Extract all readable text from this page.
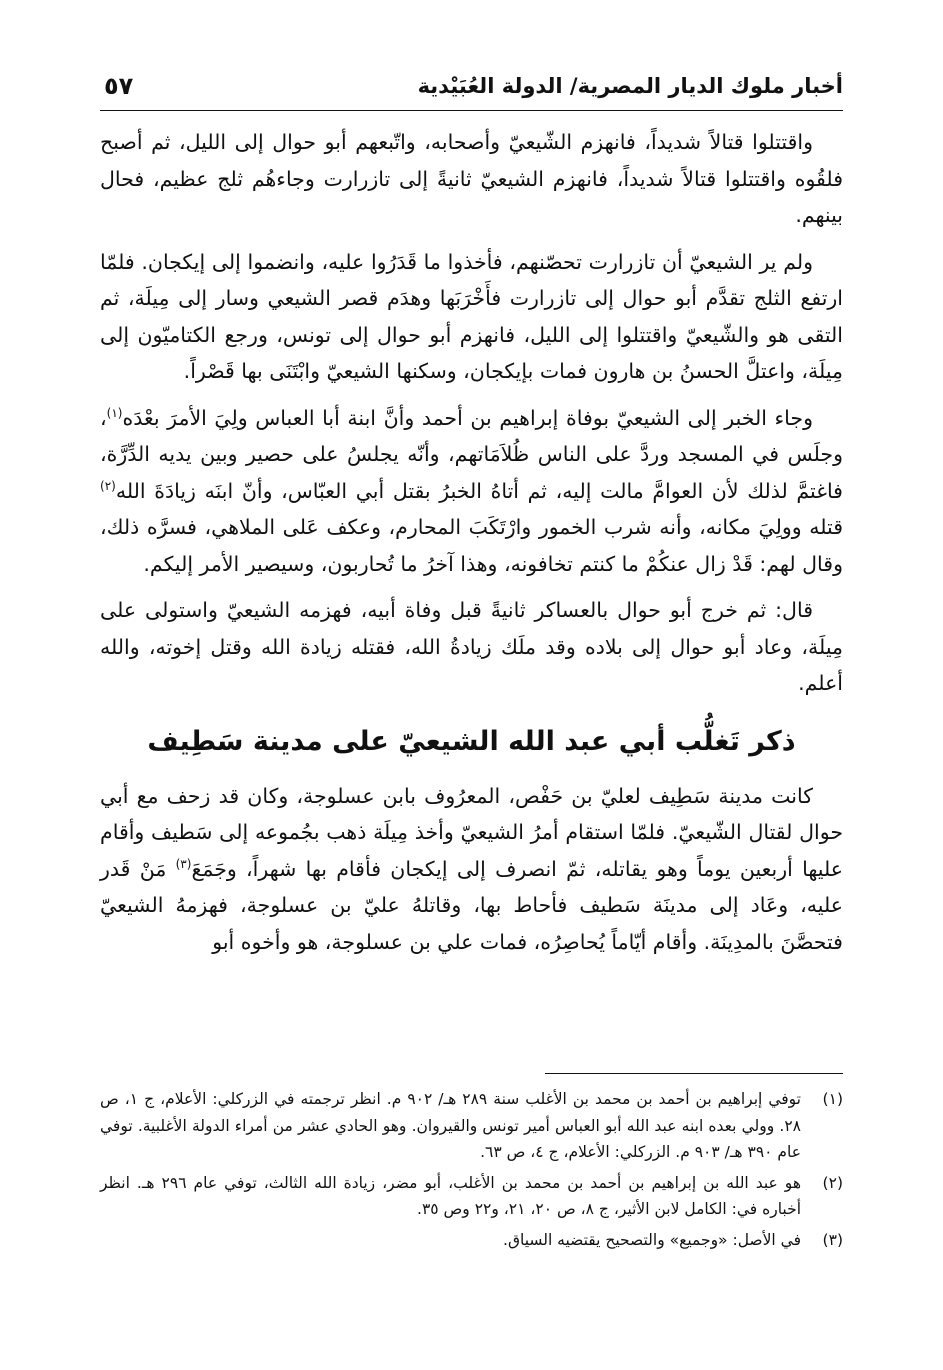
أخبار ملوك الديار المصرية/ الدولة العُبَيْدية
٥٧

واقتتلوا قتالاً شديداً، فانهزم الشّيعيّ وأصحابه، واتّبعهم أبو حوال إلى الليل، ثم أصبح فلقُوه واقتتلوا قتالاً شديداً، فانهزم الشيعيّ ثانيةً إلى تازرارت وجاءهُم ثلج عظيم، فحال بينهم.

ولم ير الشيعيّ أن تازرارت تحصّنهم، فأخذوا ما قَدَرُوا عليه، وانضموا إلى إيكجان. فلمّا ارتفع الثلج تقدَّم أبو حوال إلى تازرارت فأَخْرَبَها وهدَم قصر الشيعي وسار إلى مِيلَة، ثم التقى هو والشّيعيّ واقتتلوا إلى الليل، فانهزم أبو حوال إلى تونس، ورجع الكتاميّون إلى مِيلَة، واعتلَّ الحسنُ بن هارون فمات بإيكجان، وسكنها الشيعيّ وابْتَنَى بها قَصْراً.

وجاء الخبر إلى الشيعيّ بوفاة إبراهيم بن أحمد وأنَّ ابنة أبا العباس ولِيَ الأمرَ بعْدَه$^{(١)}$، وجلَس في المسجد وردَّ على الناس ظُلاَمَاتهم، وأنّه يجلسُ على حصير وبين يديه الدِّرَّة، فاغتمَّ لذلك لأن العوامَّ مالت إليه، ثم أتاهُ الخبرُ بقتل أبي العبّاس، وأنّ ابنَه زيادَةَ الله$^{(٢)}$ قتله وولِيَ مكانه، وأنه شرب الخمور وارْتَكَبَ المحارم، وعكف عَلى الملاهي، فسرَّه ذلك، وقال لهم: قَدْ زال عنكُمْ ما كنتم تخافونه، وهذا آخرُ ما تُحاربون، وسيصير الأمر إليكم.

قال: ثم خرج أبو حوال بالعساكر ثانيةً قبل وفاة أبيه، فهزمه الشيعيّ واستولى على مِيلَة، وعاد أبو حوال إلى بلاده وقد ملَك زيادةُ الله، فقتله زيادة الله وقتل إخوته، والله أعلم.

ذكر تَغلُّب أبي عبد الله الشيعيّ على مدينة سَطِيف

كانت مدينة سَطِيف لعليّ بن حَفْص، المعرُوف بابن عسلوجة، وكان قد زحف مع أبي حوال لقتال الشّيعيّ. فلمّا استقام أمرُ الشيعيّ وأخذ مِيلَة ذهب بجُموعه إلى سَطيف وأقام عليها أربعين يوماً وهو يقاتله، ثمّ انصرف إلى إيكجان فأقام بها شهراً، وجَمَعَ$^{(٣)}$ مَنْ قَدر عليه، وعَاد إلى مدينَة سَطيف فأحاط بها، وقاتلهُ عليّ بن عسلوجة، فهزمهُ الشيعيّ فتحصَّنَ بالمدِينَة. وأقام أيّاماً يُحاصِرُه، فمات علي بن عسلوجة، هو وأخوه أبو

(١)
توفي إبراهيم بن أحمد بن محمد بن الأغلب سنة ٢٨٩ هـ/ ٩٠٢ م. انظر ترجمته في الزركلي: الأعلام، ج ١، ص ٢٨. وولي بعده ابنه عبد الله أبو العباس أمير تونس والقيروان. وهو الحادي عشر من أمراء الدولة الأغلبية. توفي عام ٣٩٠ هـ/ ٩٠٣ م. الزركلي: الأعلام، ج ٤، ص ٦٣.
(٢)
هو عبد الله بن إبراهيم بن أحمد بن محمد بن الأغلب، أبو مضر، زيادة الله الثالث، توفي عام ٢٩٦ هـ. انظر أخباره في: الكامل لابن الأثير، ج ٨، ص ٢٠، ٢١، و٢٢ وص ٣٥.
(٣)
في الأصل: «وجميع» والتصحيح يقتضيه السياق.
